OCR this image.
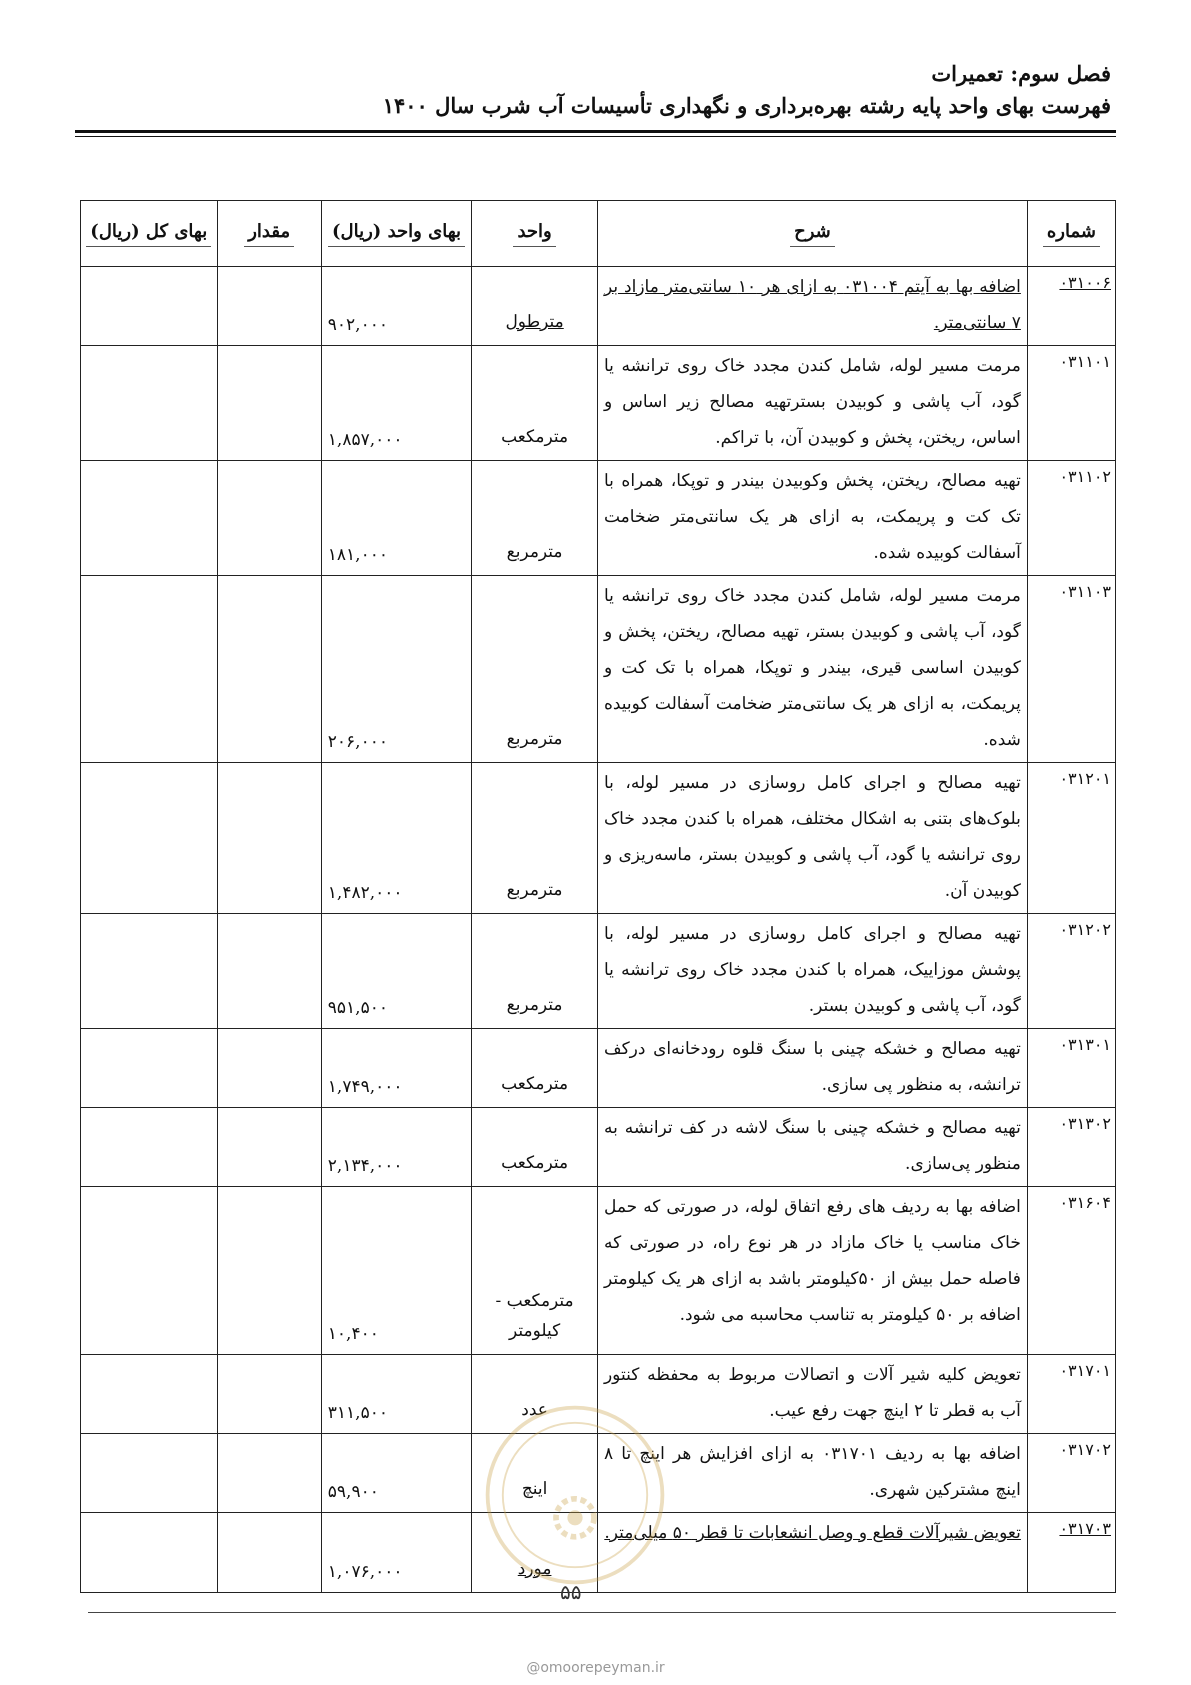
فصل سوم: تعمیرات
فهرست بهای واحد پایه رشته بهره‌برداری و نگهداری تأسیسات آب شرب سال ۱۴۰۰
شماره	شرح	واحد	بهای واحد (ریال)	مقدار	بهای کل (ریال)
۰۳۱۰۰۶	اضافه بها به آیتم ۰۳۱۰۰۴ به ازای هر ۱۰ سانتی‌متر مازاد بر ۷ سانتی‌متر.	مترطول	۹۰۲,۰۰۰		
۰۳۱۱۰۱	مرمت مسیر لوله، شامل کندن مجدد خاک روی ترانشه یا گود، آب پاشی و کوبیدن بسترتهیه مصالح زیر اساس و اساس، ریختن، پخش و کوبیدن آن، با تراکم.	مترمکعب	۱,۸۵۷,۰۰۰		
۰۳۱۱۰۲	تهیه مصالح، ریختن، پخش وکوبیدن بیندر و توپکا، همراه با تک کت و پریمکت، به ازای هر یک سانتی‌متر ضخامت آسفالت کوبیده شده.	مترمربع	۱۸۱,۰۰۰		
۰۳۱۱۰۳	مرمت مسیر لوله، شامل کندن مجدد خاک روی ترانشه یا گود، آب پاشی و کوبیدن بستر، تهیه مصالح، ریختن، پخش و کوبیدن اساسی قیری، بیندر و توپکا، همراه با تک کت و پریمکت، به ازای هر یک سانتی‌متر ضخامت آسفالت کوبیده شده.	مترمربع	۲۰۶,۰۰۰		
۰۳۱۲۰۱	تهیه مصالح و اجرای کامل روسازی در مسیر لوله، با بلوک‌های بتنی به اشکال مختلف، همراه با کندن مجدد خاک روی ترانشه یا گود، آب پاشی و کوبیدن بستر، ماسه‌ریزی و کوبیدن آن.	مترمربع	۱,۴۸۲,۰۰۰		
۰۳۱۲۰۲	تهیه مصالح و اجرای کامل روسازی در مسیر لوله، با پوشش موزاییک، همراه با کندن مجدد خاک روی ترانشه یا گود، آب پاشی و کوبیدن بستر.	مترمربع	۹۵۱,۵۰۰		
۰۳۱۳۰۱	تهیه مصالح و خشکه چینی با سنگ قلوه رودخانه‌ای درکف ترانشه، به منظور پی سازی.	مترمکعب	۱,۷۴۹,۰۰۰		
۰۳۱۳۰۲	تهیه مصالح و خشکه چینی با سنگ لاشه در کف ترانشه به منظور پی‌سازی.	مترمکعب	۲,۱۳۴,۰۰۰		
۰۳۱۶۰۴	اضافه بها به ردیف های رفع اتفاق لوله، در صورتی که حمل خاک مناسب یا خاک مازاد در هر نوع راه، در صورتی که فاصله حمل بیش از ۵۰کیلومتر باشد به ازای هر یک کیلومتر اضافه بر ۵۰ کیلومتر به تناسب محاسبه می شود.	مترمکعب - کیلومتر	۱۰,۴۰۰		
۰۳۱۷۰۱	تعویض کلیه شیر آلات و اتصالات مربوط به محفظه کنتور آب به قطر تا ۲ اینچ جهت رفع عیب.	عدد	۳۱۱,۵۰۰		
۰۳۱۷۰۲	اضافه بها به ردیف ۰۳۱۷۰۱ به ازای افزایش هر اینچ تا ۸ اینچ مشترکین شهری.	اینچ	۵۹,۹۰۰		
۰۳۱۷۰۳	تعویض شیرآلات قطع و وصل انشعابات تا قطر ۵۰ میلی‌متر.	مورد	۱,۰۷۶,۰۰۰		
۵۵
@omoorepeyman.ir
